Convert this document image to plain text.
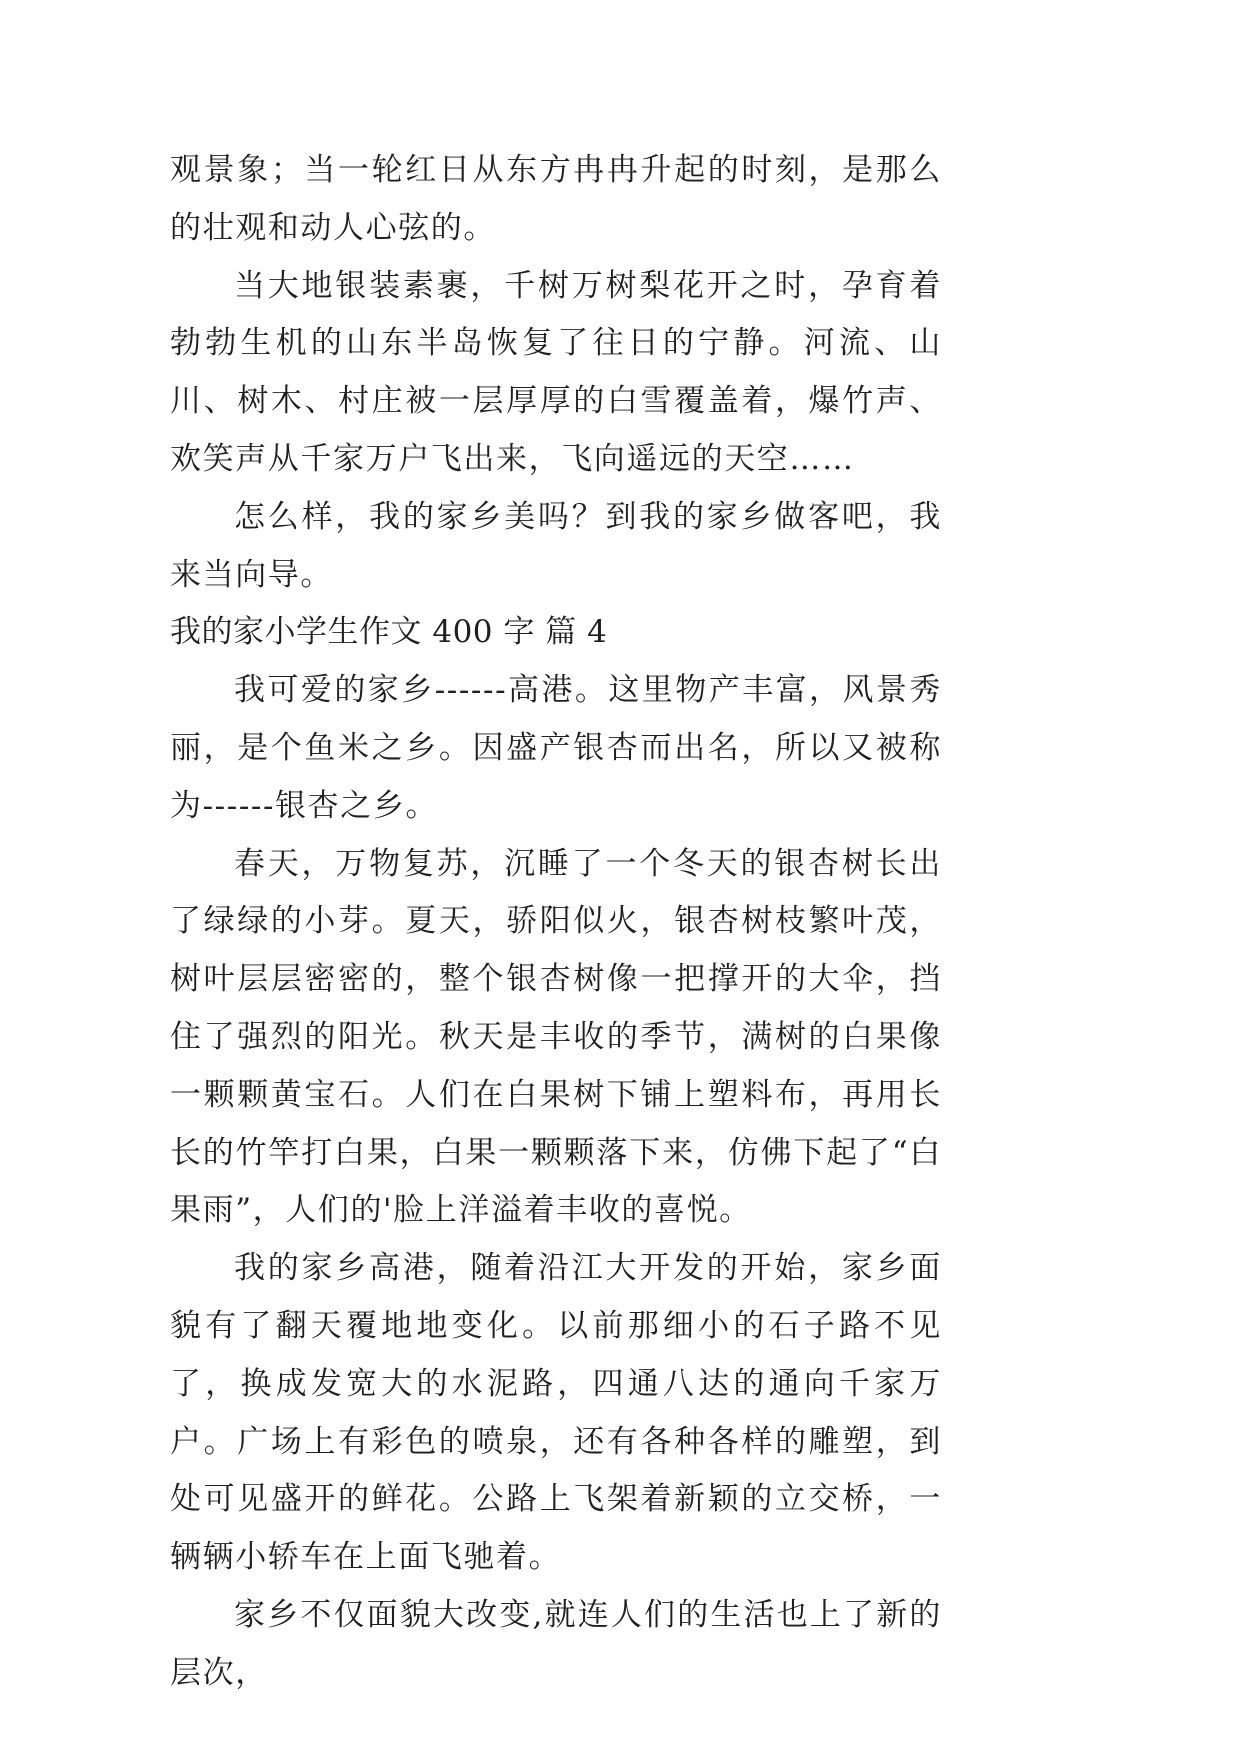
观景象；当一轮红日从东方冉冉升起的时刻，是那么的壮观和动人心弦的。

当大地银装素裹，千树万树梨花开之时，孕育着勃勃生机的山东半岛恢复了往日的宁静。河流、山川、树木、村庄被一层厚厚的白雪覆盖着，爆竹声、欢笑声从千家万户飞出来，飞向遥远的天空……

怎么样，我的家乡美吗？到我的家乡做客吧，我来当向导。

我的家小学生作文 400 字 篇 4

我可爱的家乡------高港。这里物产丰富，风景秀丽，是个鱼米之乡。因盛产银杏而出名，所以又被称为------银杏之乡。

春天，万物复苏，沉睡了一个冬天的银杏树长出了绿绿的小芽。夏天，骄阳似火，银杏树枝繁叶茂，树叶层层密密的，整个银杏树像一把撑开的大伞，挡住了强烈的阳光。秋天是丰收的季节，满树的白果像一颗颗黄宝石。人们在白果树下铺上塑料布，再用长长的竹竿打白果，白果一颗颗落下来，仿佛下起了“白果雨”，人们的'脸上洋溢着丰收的喜悦。

我的家乡高港，随着沿江大开发的开始，家乡面貌有了翻天覆地地变化。以前那细小的石子路不见了，换成发宽大的水泥路，四通八达的通向千家万户。广场上有彩色的喷泉，还有各种各样的雕塑，到处可见盛开的鲜花。公路上飞架着新颖的立交桥，一辆辆小轿车在上面飞驰着。

家乡不仅面貌大改变,就连人们的生活也上了新的层次，
